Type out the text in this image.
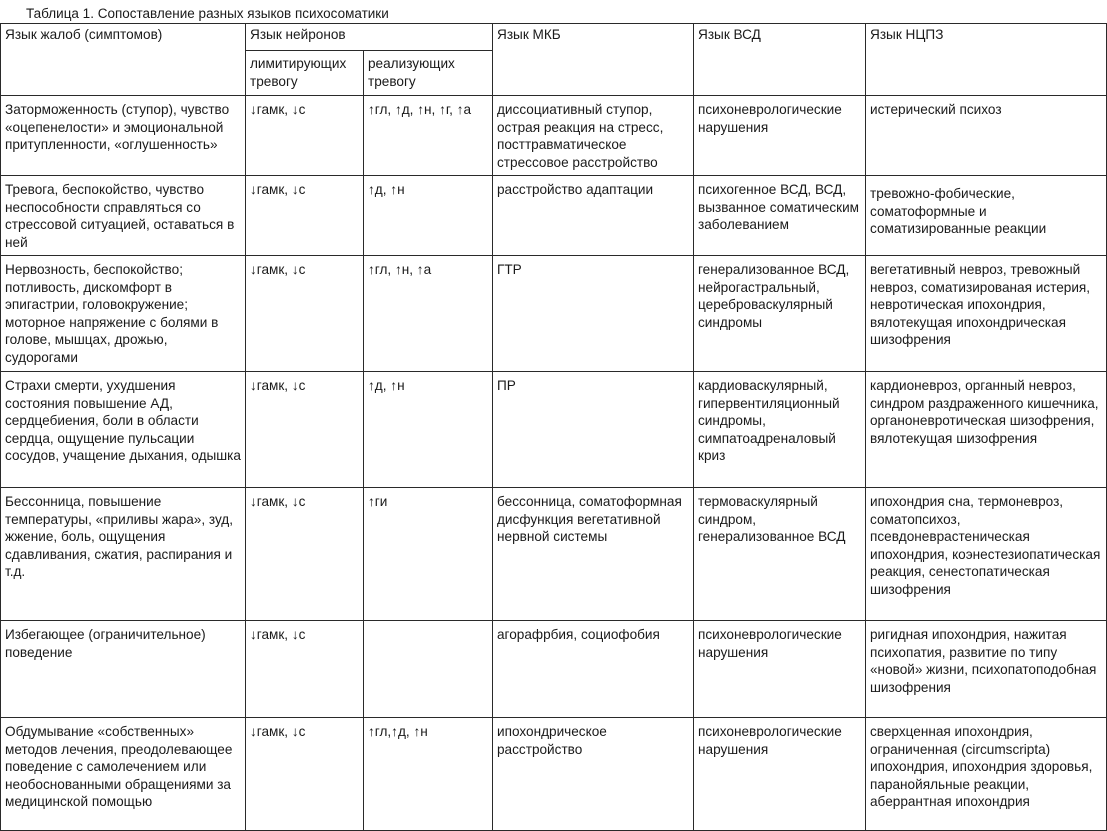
Таблица 1. Сопоставление разных языков психосоматики
Язык жалоб (симптомов)	Язык нейронов		Язык МКБ	Язык ВСД	Язык НЦПЗ
	лимитирующих тревогу	реализующих тревогу			
Заторможенность (ступор), чувство «оцепенелости» и эмоциональной притупленности, «оглушенность»	↓гамк, ↓с	↑гл, ↑д, ↑н, ↑г, ↑а	диссоциативный ступор, острая реакция на стресс, посттравматическое стрессовое расстройство	психоневрологические нарушения	истерический психоз
Тревога, беспокойство, чувство неспособности справляться со стрессовой ситуацией, оставаться в ней	↓гамк, ↓с	↑д, ↑н	расстройство адаптации	психогенное ВСД, ВСД, вызванное соматическим заболеванием	тревожно-фобические, соматоформные и соматизированные реакции
Нервозность, беспокойство; потливость, дискомфорт в эпигастрии, головокружение; моторное напряжение с болями в голове, мышцах, дрожью, судорогами	↓гамк, ↓с	↑гл, ↑н, ↑а	ГТР	генерализованное ВСД, нейрогастральный, цереброваскулярный синдромы	вегетативный невроз, тревожный невроз, соматизированая истерия, невротическая ипохондрия, вялотекущая ипохондрическая шизофрения
Страхи смерти, ухудшения состояния повышение АД, сердцебиения, боли в области сердца, ощущение пульсации сосудов, учащение дыхания, одышка	↓гамк, ↓с	↑д, ↑н	ПР	кардиоваскулярный, гипервентиляционный синдромы, симпатоадреналовый криз	кардионевроз, органный невроз, синдром раздраженного кишечника, органоневротическая шизофрения, вялотекущая шизофрения
Бессонница, повышение температуры, «приливы жара», зуд, жжение, боль, ощущения сдавливания, сжатия, распирания и т.д.	↓гамк, ↓с	↑ги	бессонница, соматоформная дисфункция вегетативной нервной системы	термоваскулярный синдром, генерализованное ВСД	ипохондрия сна, термоневроз, соматопсихоз, псевдоневрастеническая ипохондрия, коэнестезиопатическая реакция, сенестопатическая шизофрения
Избегающее (ограничительное) поведение	↓гамк, ↓с		агорафрбия, социофобия	психоневрологические нарушения	ригидная ипохондрия, нажитая психопатия, развитие по типу «новой» жизни, психопатоподобная шизофрения
Обдумывание «собственных» методов лечения, преодолевающее поведение с самолечением или необоснованными обращениями за медицинской помощью	↓гамк, ↓с	↑гл,↑д, ↑н	ипохондрическое расстройство	психоневрологические нарушения	сверхценная ипохондрия, ограниченная (circumscripta) ипохондрия, ипохондрия здоровья, паранойяльные реакции, аберрантная ипохондрия
